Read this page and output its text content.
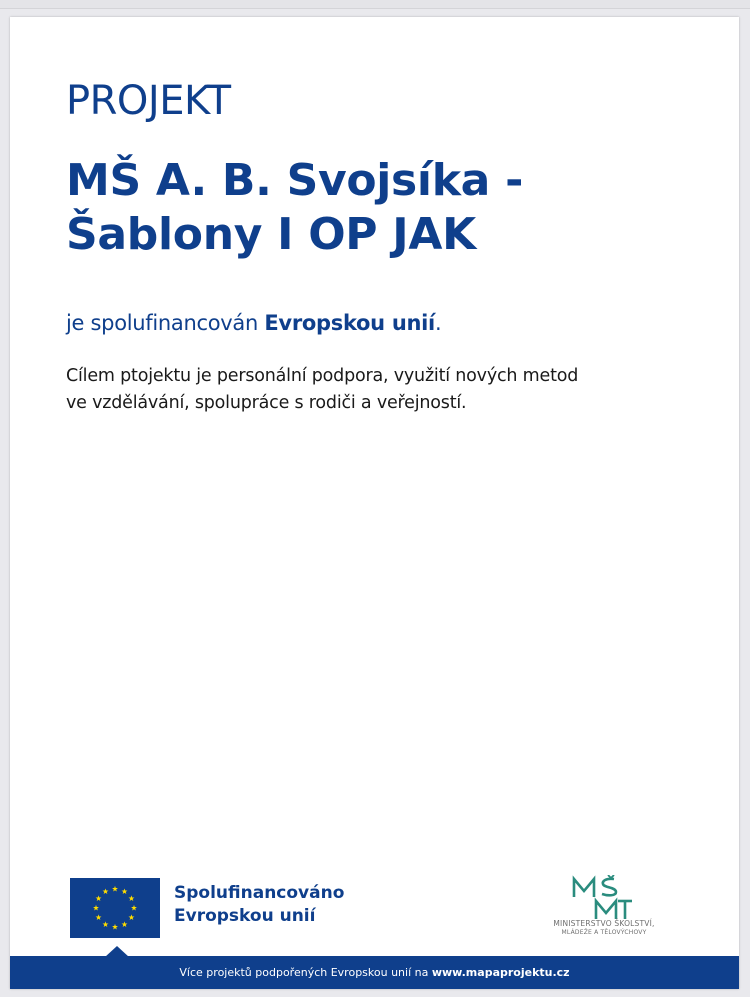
PROJEKT
MŠ A. B. Svojsíka -
Šablony I OP JAK
je spolufinancován Evropskou unií.
Cílem ptojektu je personální podpora, využití nových metod
ve vzdělávání, spolupráce s rodiči a veřejností.
Spolufinancováno
Evropskou unií	MINISTERSTVO ŠKOLSTVÍ,
MLÁDEŽE A TĚLOVÝCHOVY
Více projektů podpořených Evropskou unií na www.mapaprojektu.cz
